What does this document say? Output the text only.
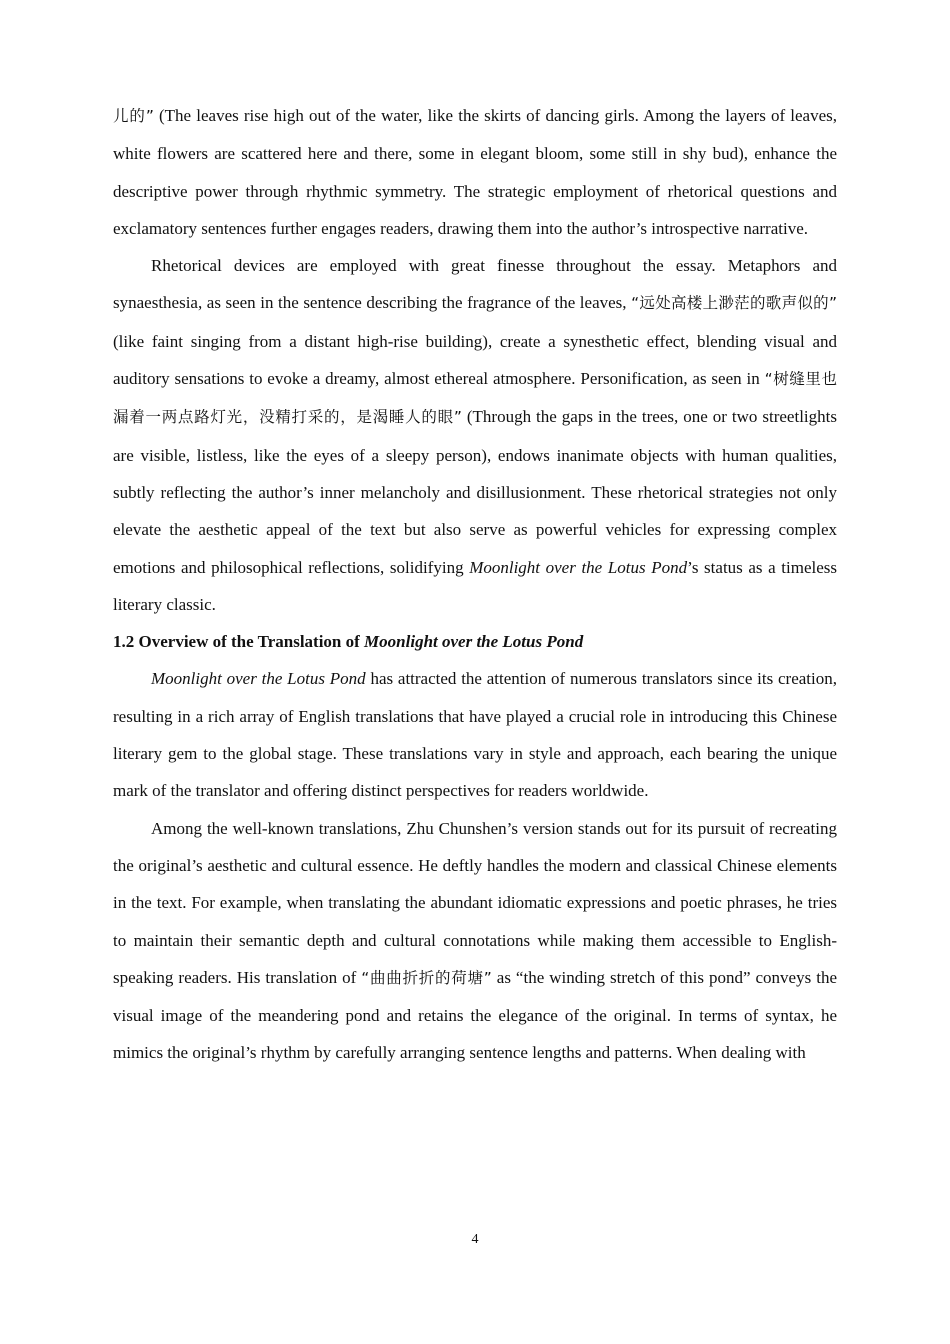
儿的” (The leaves rise high out of the water, like the skirts of dancing girls. Among the layers of leaves, white flowers are scattered here and there, some in elegant bloom, some still in shy bud), enhance the descriptive power through rhythmic symmetry. The strategic employment of rhetorical questions and exclamatory sentences further engages readers, drawing them into the author’s introspective narrative.

Rhetorical devices are employed with great finesse throughout the essay. Metaphors and synaesthesia, as seen in the sentence describing the fragrance of the leaves, “远处高楼上渺茫的歌声似的” (like faint singing from a distant high-rise building), create a synesthetic effect, blending visual and auditory sensations to evoke a dreamy, almost ethereal atmosphere. Personification, as seen in “树缝里也漏着一两点路灯光，没精打采的，是渴睡人的眼” (Through the gaps in the trees, one or two streetlights are visible, listless, like the eyes of a sleepy person), endows inanimate objects with human qualities, subtly reflecting the author’s inner melancholy and disillusionment. These rhetorical strategies not only elevate the aesthetic appeal of the text but also serve as powerful vehicles for expressing complex emotions and philosophical reflections, solidifying Moonlight over the Lotus Pond’s status as a timeless literary classic.

1.2 Overview of the Translation of Moonlight over the Lotus Pond

Moonlight over the Lotus Pond has attracted the attention of numerous translators since its creation, resulting in a rich array of English translations that have played a crucial role in introducing this Chinese literary gem to the global stage. These translations vary in style and approach, each bearing the unique mark of the translator and offering distinct perspectives for readers worldwide.

Among the well-known translations, Zhu Chunshen’s version stands out for its pursuit of recreating the original’s aesthetic and cultural essence. He deftly handles the modern and classical Chinese elements in the text. For example, when translating the abundant idiomatic expressions and poetic phrases, he tries to maintain their semantic depth and cultural connotations while making them accessible to English-speaking readers. His translation of “曲曲折折的荷塘” as “the winding stretch of this pond” conveys the visual image of the meandering pond and retains the elegance of the original. In terms of syntax, he mimics the original’s rhythm by carefully arranging sentence lengths and patterns. When dealing with

4
